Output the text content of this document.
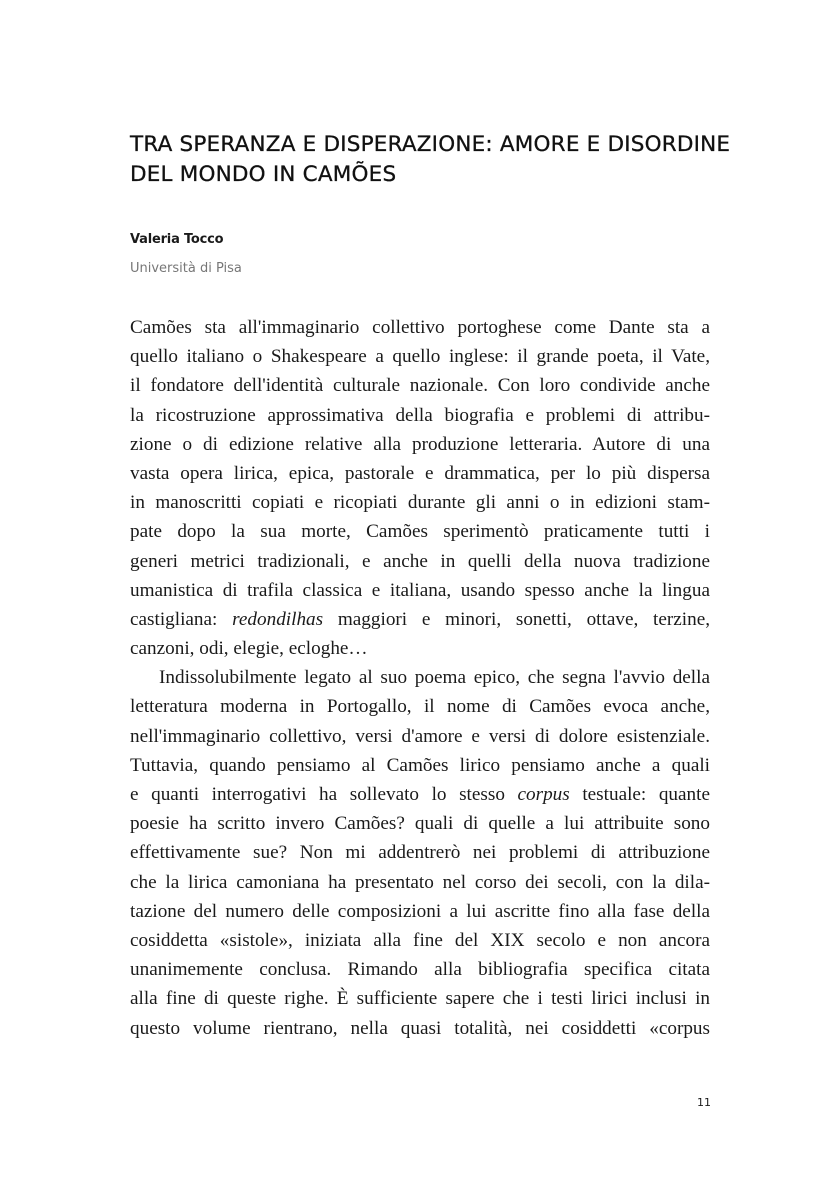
TRA SPERANZA E DISPERAZIONE: AMORE E DISORDINE
DEL MONDO IN CAMÕES
Valeria Tocco
Università di Pisa
Camões sta all'immaginario collettivo portoghese come Dante sta a
quello italiano o Shakespeare a quello inglese: il grande poeta, il Vate,
il fondatore dell'identità culturale nazionale. Con loro condivide anche
la ricostruzione approssimativa della biografia e problemi di attribu-
zione o di edizione relative alla produzione letteraria. Autore di una
vasta opera lirica, epica, pastorale e drammatica, per lo più dispersa
in manoscritti copiati e ricopiati durante gli anni o in edizioni stam-
pate dopo la sua morte, Camões sperimentò praticamente tutti i
generi metrici tradizionali, e anche in quelli della nuova tradizione
umanistica di trafila classica e italiana, usando spesso anche la lingua
castigliana: redondilhas maggiori e minori, sonetti, ottave, terzine,
canzoni, odi, elegie, ecloghe…
Indissolubilmente legato al suo poema epico, che segna l'avvio della
letteratura moderna in Portogallo, il nome di Camões evoca anche,
nell'immaginario collettivo, versi d'amore e versi di dolore esistenziale.
Tuttavia, quando pensiamo al Camões lirico pensiamo anche a quali
e quanti interrogativi ha sollevato lo stesso corpus testuale: quante
poesie ha scritto invero Camões? quali di quelle a lui attribuite sono
effettivamente sue? Non mi addentrerò nei problemi di attribuzione
che la lirica camoniana ha presentato nel corso dei secoli, con la dila-
tazione del numero delle composizioni a lui ascritte fino alla fase della
cosiddetta «sistole», iniziata alla fine del XIX secolo e non ancora
unanimemente conclusa. Rimando alla bibliografia specifica citata
alla fine di queste righe. È sufficiente sapere che i testi lirici inclusi in
questo volume rientrano, nella quasi totalità, nei cosiddetti «corpus
11
